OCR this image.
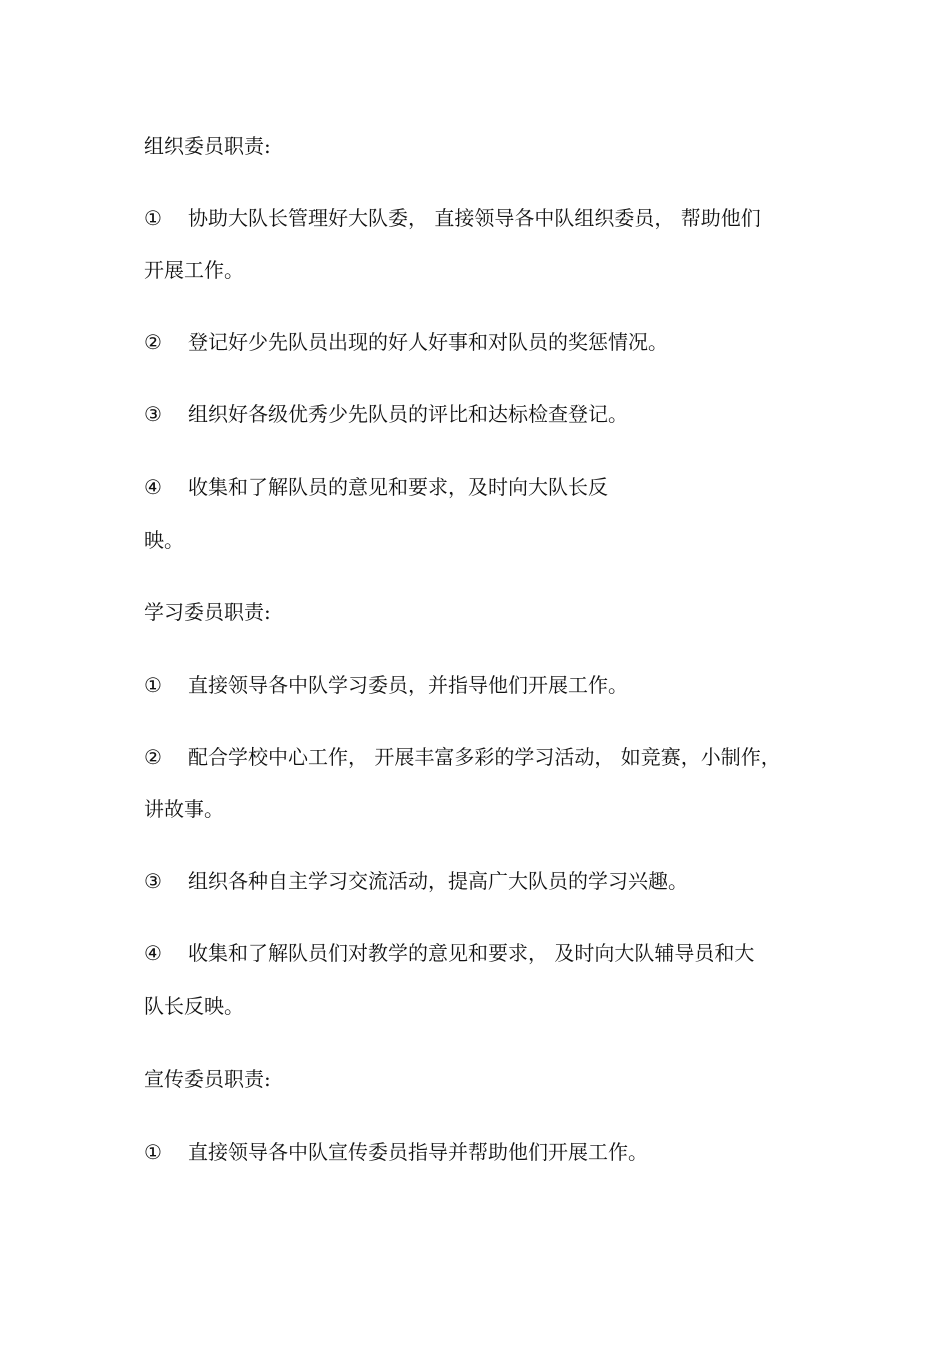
组织委员职责:
① 协助大队长管理好大队委， 直接领导各中队组织委员， 帮助他们
开展工作。
② 登记好少先队员出现的好人好事和对队员的奖惩情况。
③ 组织好各级优秀少先队员的评比和达标检查登记。
④ 收集和了解队员的意见和要求，及时向大队长反
映。
学习委员职责:
① 直接领导各中队学习委员，并指导他们开展工作。
② 配合学校中心工作， 开展丰富多彩的学习活动， 如竞赛，小制作，
讲故事。
③ 组织各种自主学习交流活动，提高广大队员的学习兴趣。
④ 收集和了解队员们对教学的意见和要求， 及时向大队辅导员和大
队长反映。
宣传委员职责:
① 直接领导各中队宣传委员指导并帮助他们开展工作。
